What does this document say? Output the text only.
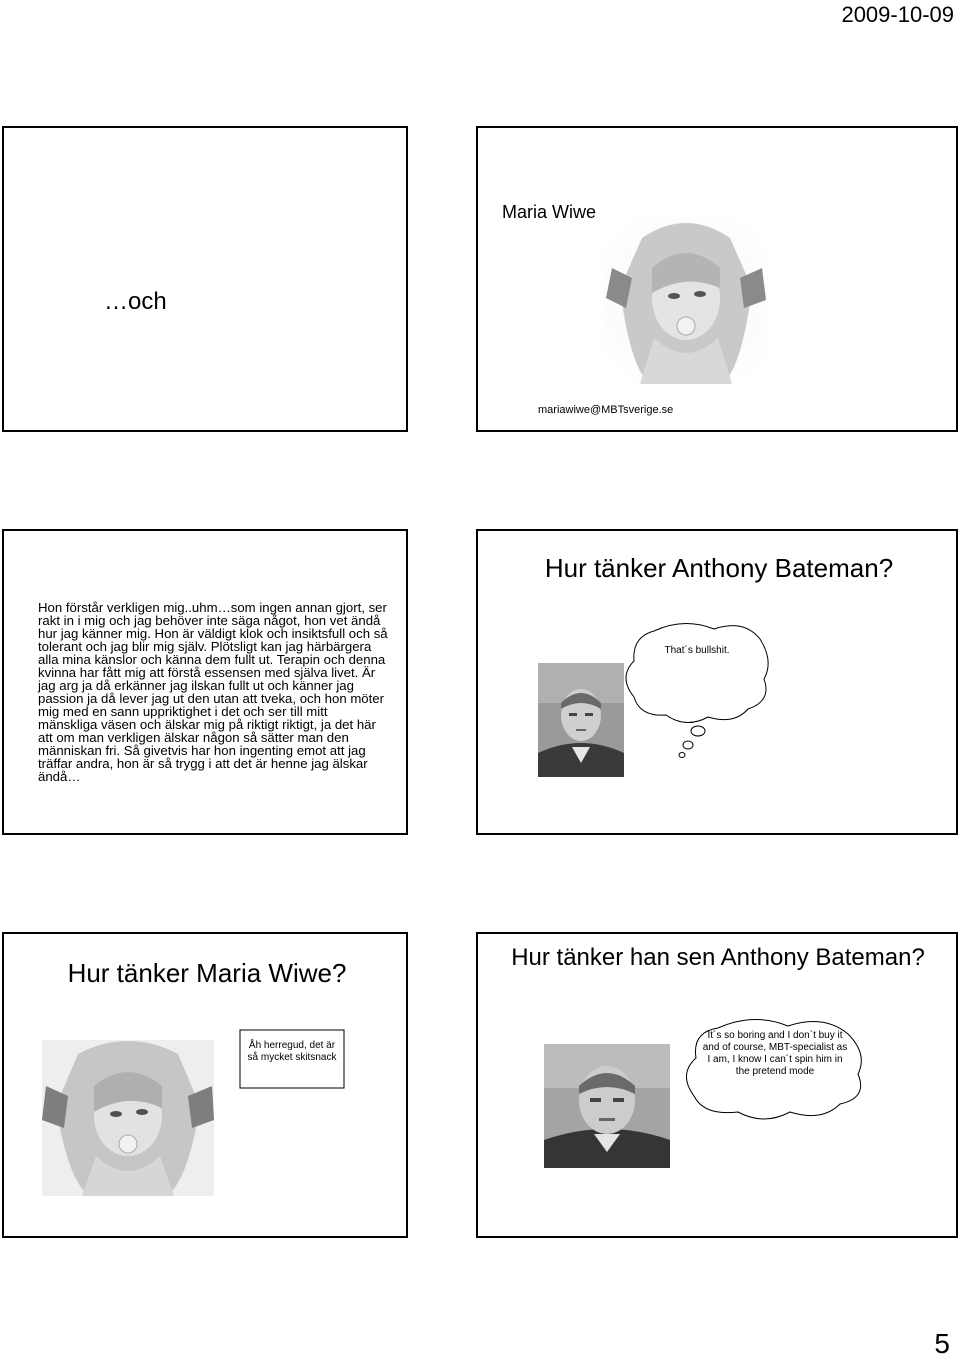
2009-10-09
…och
Maria Wiwe
mariawiwe@MBTsverige.se
Hon förstår verkligen mig..uhm…som ingen annan gjort, ser rakt in i mig och jag behöver inte säga något, hon vet ändå hur jag känner mig. Hon är väldigt klok och insiktsfull och så tolerant och jag blir mig själv. Plötsligt kan jag härbärgera alla mina känslor och känna dem fullt ut. Terapin och denna kvinna har fått mig att förstå essensen med själva livet. Är jag arg ja då erkänner jag ilskan fullt ut och känner jag passion ja då lever jag ut den utan att tveka, och hon möter mig med en sann uppriktighet i det och ser till mitt mänskliga väsen och älskar mig på riktigt riktigt, ja det här att om man verkligen älskar någon så sätter man den människan fri. Så givetvis har hon ingenting emot att jag träffar andra, hon är så trygg i att det är henne jag älskar ändå…
Hur tänker Anthony Bateman?
That´s bullshit.
Hur tänker Maria Wiwe?
Åh herregud, det är så mycket skitsnack
Hur tänker han sen Anthony Bateman?
It´s so boring and I don`t buy it and of course, MBT-specialist as I am, I know I can´t spin him in the pretend mode
5
